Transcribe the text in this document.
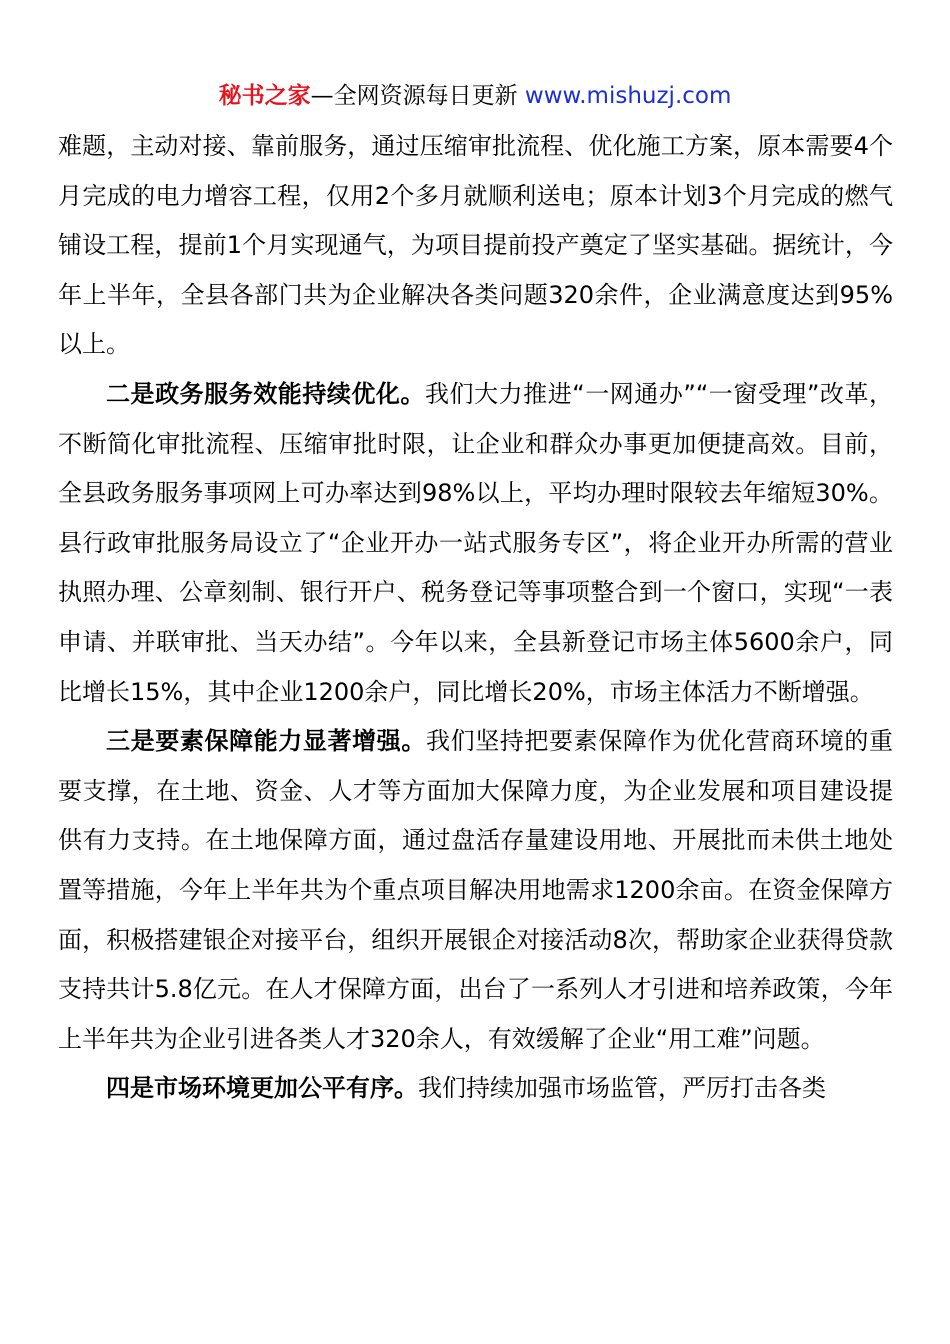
秘书之家—全网资源每日更新 www.mishuzj.com

难题，主动对接、靠前服务，通过压缩审批流程、优化施工方案，原本需要4个月完成的电力增容工程，仅用2个多月就顺利送电；原本计划3个月完成的燃气铺设工程，提前1个月实现通气，为项目提前投产奠定了坚实基础。据统计，今年上半年，全县各部门共为企业解决各类问题320余件，企业满意度达到95%以上。

二是政务服务效能持续优化。我们大力推进“一网通办”“一窗受理”改革，不断简化审批流程、压缩审批时限，让企业和群众办事更加便捷高效。目前，全县政务服务事项网上可办率达到98%以上，平均办理时限较去年缩短30%。县行政审批服务局设立了“企业开办一站式服务专区”，将企业开办所需的营业执照办理、公章刻制、银行开户、税务登记等事项整合到一个窗口，实现“一表申请、并联审批、当天办结”。今年以来，全县新登记市场主体5600余户，同比增长15%，其中企业1200余户，同比增长20%，市场主体活力不断增强。

三是要素保障能力显著增强。我们坚持把要素保障作为优化营商环境的重要支撑，在土地、资金、人才等方面加大保障力度，为企业发展和项目建设提供有力支持。在土地保障方面，通过盘活存量建设用地、开展批而未供土地处置等措施，今年上半年共为个重点项目解决用地需求1200余亩。在资金保障方面，积极搭建银企对接平台，组织开展银企对接活动8次，帮助家企业获得贷款支持共计5.8亿元。在人才保障方面，出台了一系列人才引进和培养政策，今年上半年共为企业引进各类人才320余人，有效缓解了企业“用工难”问题。

四是市场环境更加公平有序。我们持续加强市场监管，严厉打击各类
